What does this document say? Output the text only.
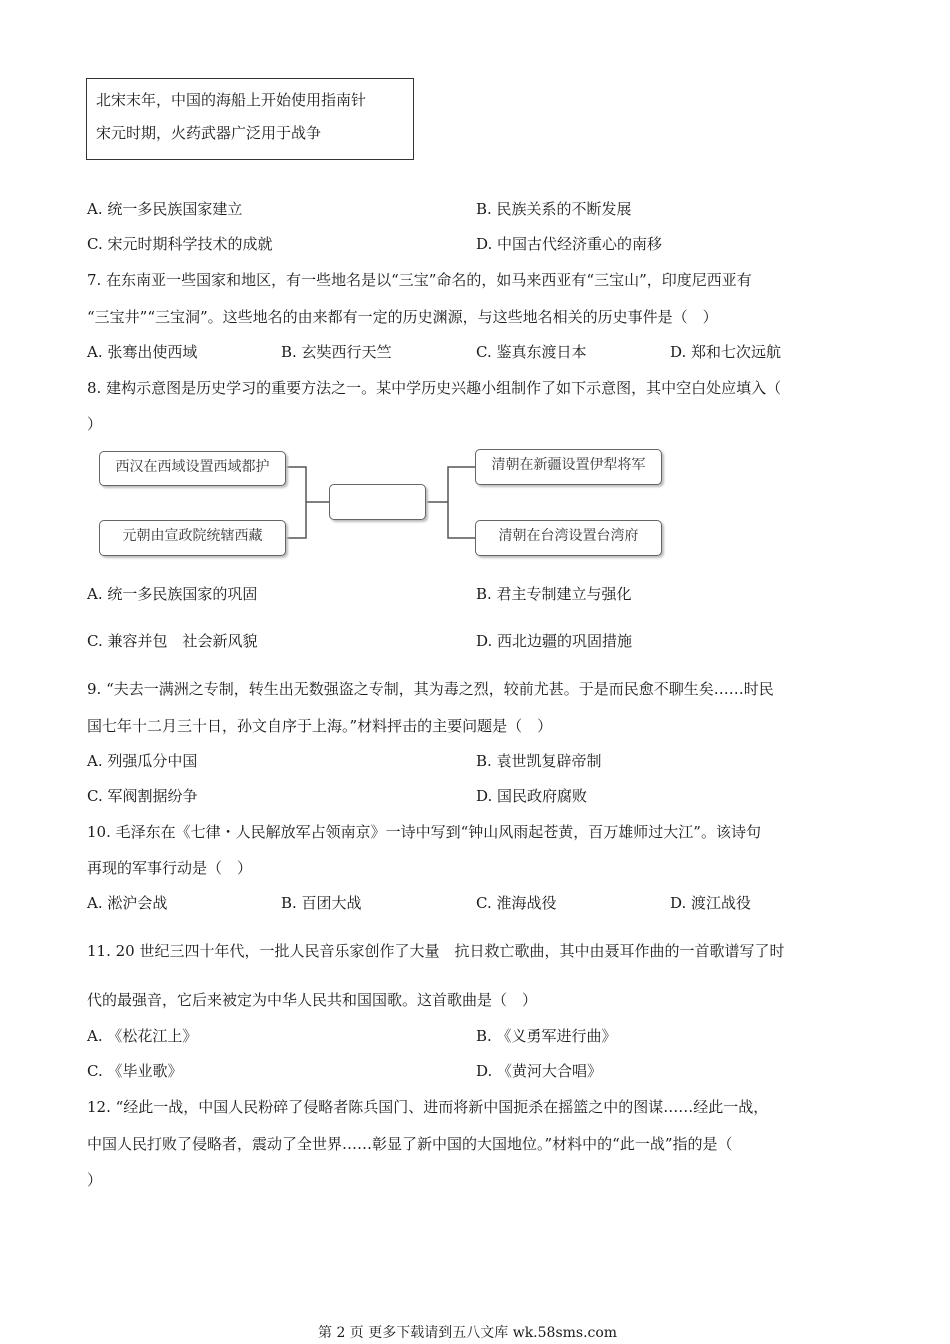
北宋末年，中国的海船上开始使用指南针
宋元时期，火药武器广泛用于战争
A. 统一多民族国家建立	B. 民族关系的不断发展
C. 宋元时期科学技术的成就	D. 中国古代经济重心的南移
7. 在东南亚一些国家和地区，有一些地名是以“三宝”命名的，如马来西亚有“三宝山”，印度尼西亚有
“三宝井”“三宝洞”。这些地名的由来都有一定的历史渊源，与这些地名相关的历史事件是（　）
A. 张骞出使西域	B. 玄奘西行天竺	C. 鉴真东渡日本	D. 郑和七次远航
8. 建构示意图是历史学习的重要方法之一。某中学历史兴趣小组制作了如下示意图，其中空白处应填入（
）
西汉在西域设置西域都护
元朝由宣政院统辖西藏
清朝在新疆设置伊犁将军
清朝在台湾设置台湾府
A. 统一多民族国家的巩固	B. 君主专制建立与强化
C. 兼容并包　社会新风貌	D. 西北边疆的巩固措施
9. “夫去一满洲之专制，转生出无数强盗之专制，其为毒之烈，较前尤甚。于是而民愈不聊生矣……时民
国七年十二月三十日，孙文自序于上海。”材料抨击的主要问题是（　）
A. 列强瓜分中国	B. 袁世凯复辟帝制
C. 军阀割据纷争	D. 国民政府腐败
10. 毛泽东在《七律・人民解放军占领南京》一诗中写到“钟山风雨起苍黄，百万雄师过大江”。该诗句
再现的军事行动是（　）
A. 淞沪会战	B. 百团大战	C. 淮海战役	D. 渡江战役
11. 20 世纪三四十年代，一批人民音乐家创作了大量　抗日救亡歌曲，其中由聂耳作曲的一首歌谱写了时
代的最强音，它后来被定为中华人民共和国国歌。这首歌曲是（　）
A. 《松花江上》	B. 《义勇军进行曲》
C. 《毕业歌》	D. 《黄河大合唱》
12. “经此一战，中国人民粉碎了侵略者陈兵国门、进而将新中国扼杀在摇篮之中的图谋……经此一战，
中国人民打败了侵略者，震动了全世界……彰显了新中国的大国地位。”材料中的“此一战”指的是（
）
第 2 页 更多下载请到五八文库 wk.58sms.com
